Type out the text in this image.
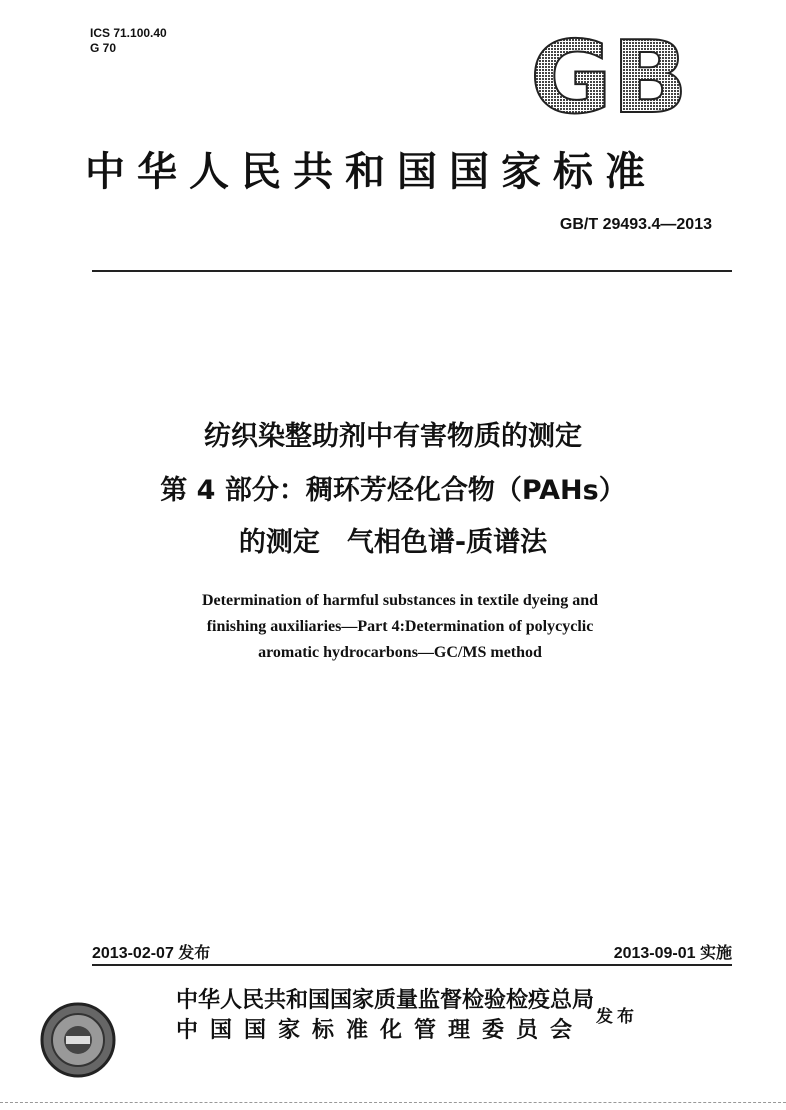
ICS 71.100.40
G 70	GB
中华人民共和国国家标准
GB/T 29493.4—2013
纺织染整助剂中有害物质的测定
第 4 部分：稠环芳烃化合物（PAHs）
的测定　气相色谱-质谱法
Determination of harmful substances in textile dyeing and
finishing auxiliaries—Part 4:Determination of polycyclic
aromatic hydrocarbons—GC/MS method
2013-02-07 发布	2013-09-01 实施
中华人民共和国国家质量监督检验检疫总局
中国国家标准化管理委员会
发布
